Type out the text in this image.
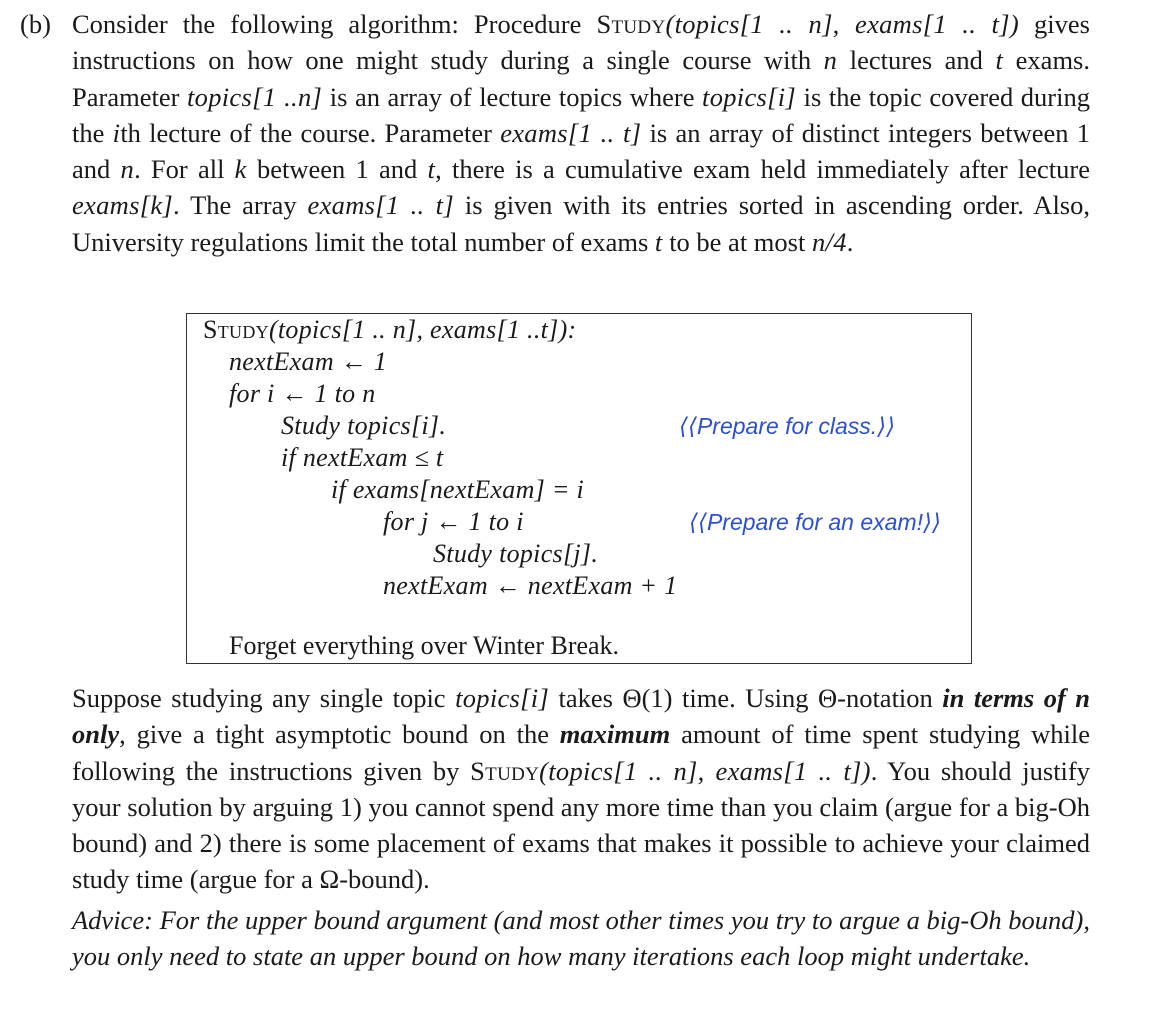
(b) Consider the following algorithm: Procedure Study(topics[1 .. n], exams[1 .. t]) gives instructions on how one might study during a single course with n lectures and t exams. Parameter topics[1 ..n] is an array of lecture topics where topics[i] is the topic covered during the ith lecture of the course. Parameter exams[1 .. t] is an array of distinct integers between 1 and n. For all k between 1 and t, there is a cumulative exam held immediately after lecture exams[k]. The array exams[1 .. t] is given with its entries sorted in ascending order. Also, University regulations limit the total number of exams t to be at most n/4.
Study(topics[1 .. n], exams[1 ..t]):
nextExam ← 1
for i ← 1 to n
Study topics[i].	⟨⟨Prepare for class.⟩⟩
if nextExam ≤ t
if exams[nextExam] = i
for j ← 1 to i	⟨⟨Prepare for an exam!⟩⟩
Study topics[j].
nextExam ← nextExam + 1
Forget everything over Winter Break.
Suppose studying any single topic topics[i] takes Θ(1) time. Using Θ-notation in terms of n only, give a tight asymptotic bound on the maximum amount of time spent studying while following the instructions given by Study(topics[1 .. n], exams[1 .. t]). You should justify your solution by arguing 1) you cannot spend any more time than you claim (argue for a big-Oh bound) and 2) there is some placement of exams that makes it possible to achieve your claimed study time (argue for a Ω-bound).
Advice: For the upper bound argument (and most other times you try to argue a big-Oh bound), you only need to state an upper bound on how many iterations each loop might undertake.
